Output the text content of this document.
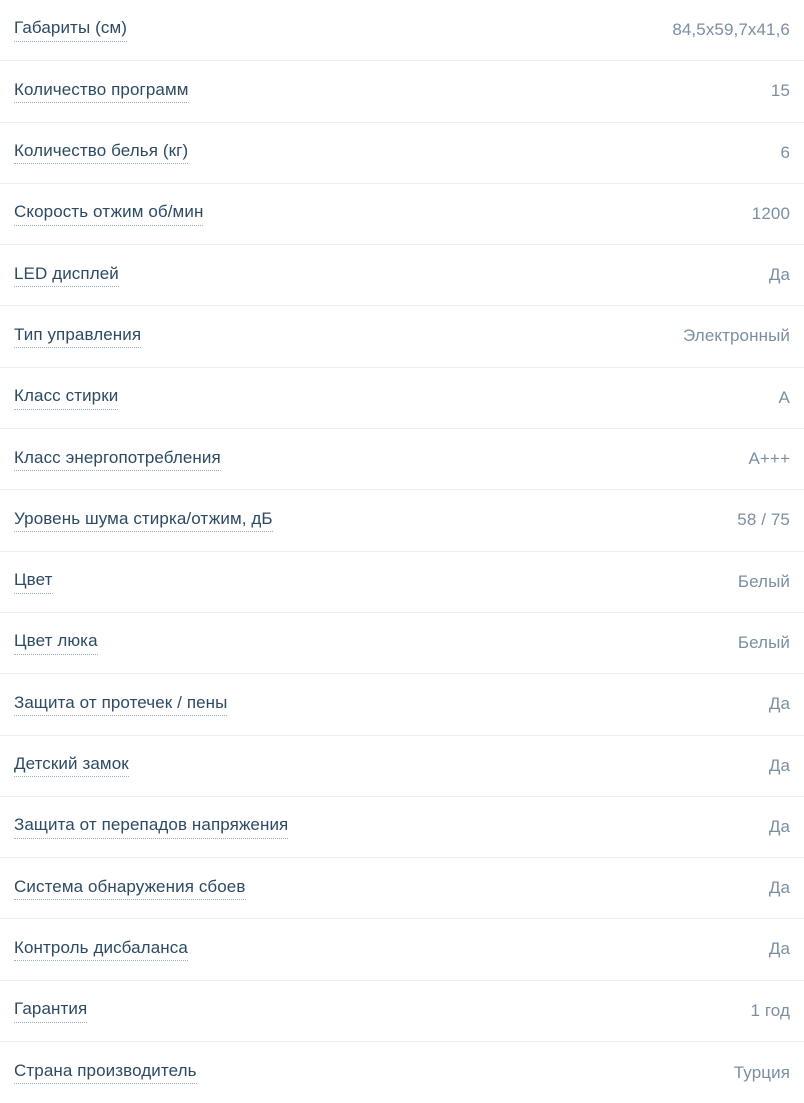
Габариты (см)	84,5x59,7x41,6
Количество программ	15
Количество белья (кг)	6
Скорость отжим об/мин	1200
LED дисплей	Да
Тип управления	Электронный
Класс стирки	A
Класс энергопотребления	A+++
Уровень шума стирка/отжим, дБ	58 / 75
Цвет	Белый
Цвет люка	Белый
Защита от протечек / пены	Да
Детский замок	Да
Защита от перепадов напряжения	Да
Система обнаружения сбоев	Да
Контроль дисбаланса	Да
Гарантия	1 год
Страна производитель	Турция
